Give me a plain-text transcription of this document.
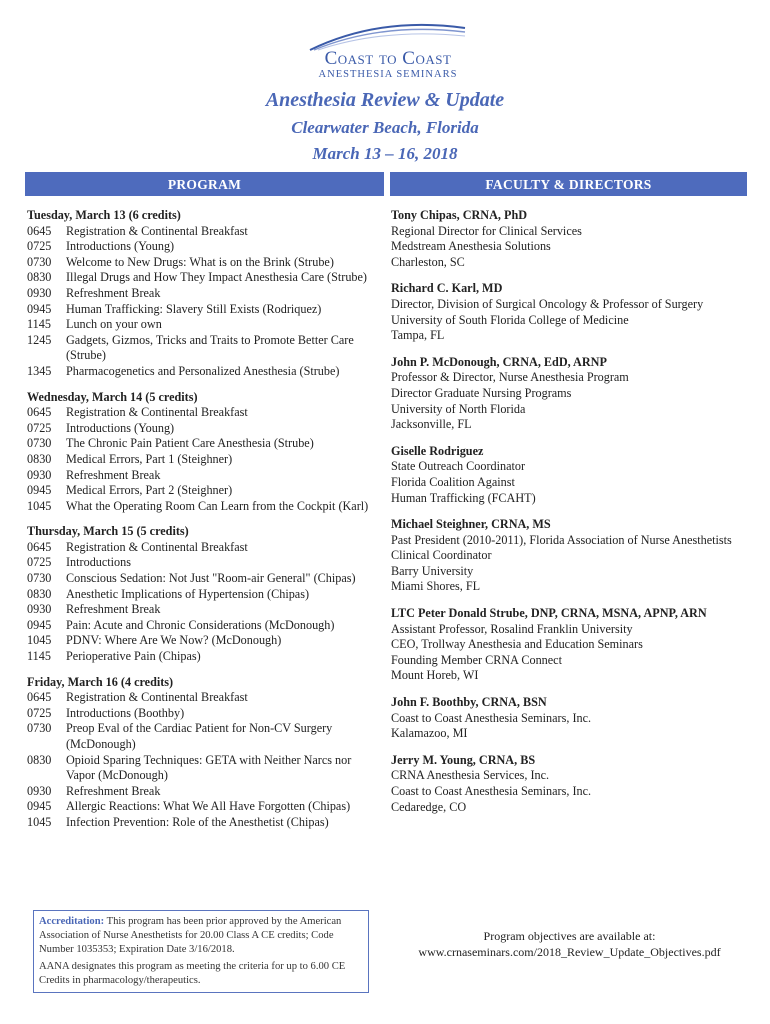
Coast to Coast
ANESTHESIA SEMINARS

Anesthesia Review & Update

Clearwater Beach, Florida

March 13 – 16, 2018

PROGRAM	FACULTY & DIRECTORS
Tuesday, March 13 (6 credits)
0645	Registration & Continental Breakfast
0725	Introductions (Young)
0730	Welcome to New Drugs: What is on the Brink (Strube)
0830	Illegal Drugs and How They Impact Anesthesia Care (Strube)
0930	Refreshment Break
0945	Human Trafficking: Slavery Still Exists (Rodriquez)
1145	Lunch on your own
1245	Gadgets, Gizmos, Tricks and Traits to Promote Better Care (Strube)
1345	Pharmacogenetics and Personalized Anesthesia (Strube)
Wednesday, March 14 (5 credits)
0645	Registration & Continental Breakfast
0725	Introductions (Young)
0730	The Chronic Pain Patient Care Anesthesia (Strube)
0830	Medical Errors, Part 1 (Steighner)
0930	Refreshment Break
0945	Medical Errors, Part 2 (Steighner)
1045	What the Operating Room Can Learn from the Cockpit (Karl)
Thursday, March 15 (5 credits)
0645	Registration & Continental Breakfast
0725	Introductions
0730	Conscious Sedation: Not Just "Room-air General" (Chipas)
0830	Anesthetic Implications of Hypertension (Chipas)
0930	Refreshment Break
0945	Pain: Acute and Chronic Considerations (McDonough)
1045	PDNV: Where Are We Now? (McDonough)
1145	Perioperative Pain (Chipas)
Friday, March 16 (4 credits)
0645	Registration & Continental Breakfast
0725	Introductions (Boothby)
0730	Preop Eval of the Cardiac Patient for Non-CV Surgery (McDonough)
0830	Opioid Sparing Techniques: GETA with Neither Narcs nor Vapor (McDonough)
0930	Refreshment Break
0945	Allergic Reactions: What We All Have Forgotten (Chipas)
1045	Infection Prevention: Role of the Anesthetist (Chipas)
Tony Chipas, CRNA, PhD
Regional Director for Clinical Services
Medstream Anesthesia Solutions
Charleston, SC
Richard C. Karl, MD
Director, Division of Surgical Oncology & Professor of Surgery
University of South Florida College of Medicine
Tampa, FL
John P. McDonough, CRNA, EdD, ARNP
Professor & Director, Nurse Anesthesia Program
Director Graduate Nursing Programs
University of North Florida
Jacksonville, FL
Giselle Rodriguez
State Outreach Coordinator
Florida Coalition Against
Human Trafficking (FCAHT)
Michael Steighner, CRNA, MS
Past President (2010-2011), Florida Association of Nurse Anesthetists
Clinical Coordinator
Barry University
Miami Shores, FL
LTC Peter Donald Strube, DNP, CRNA, MSNA, APNP, ARN
Assistant Professor, Rosalind Franklin University
CEO, Trollway Anesthesia and Education Seminars
Founding Member CRNA Connect
Mount Horeb, WI
John F. Boothby, CRNA, BSN
Coast to Coast Anesthesia Seminars, Inc.
Kalamazoo, MI
Jerry M. Young, CRNA, BS
CRNA Anesthesia Services, Inc.
Coast to Coast Anesthesia Seminars, Inc.
Cedaredge, CO

Accreditation: This program has been prior approved by the American Association of Nurse Anesthetists for 20.00 Class A CE credits; Code Number 1035353; Expiration Date 3/16/2018.

AANA designates this program as meeting the criteria for up to 6.00 CE Credits in pharmacology/therapeutics.

Program objectives are available at:
www.crnaseminars.com/2018_Review_Update_Objectives.pdf
